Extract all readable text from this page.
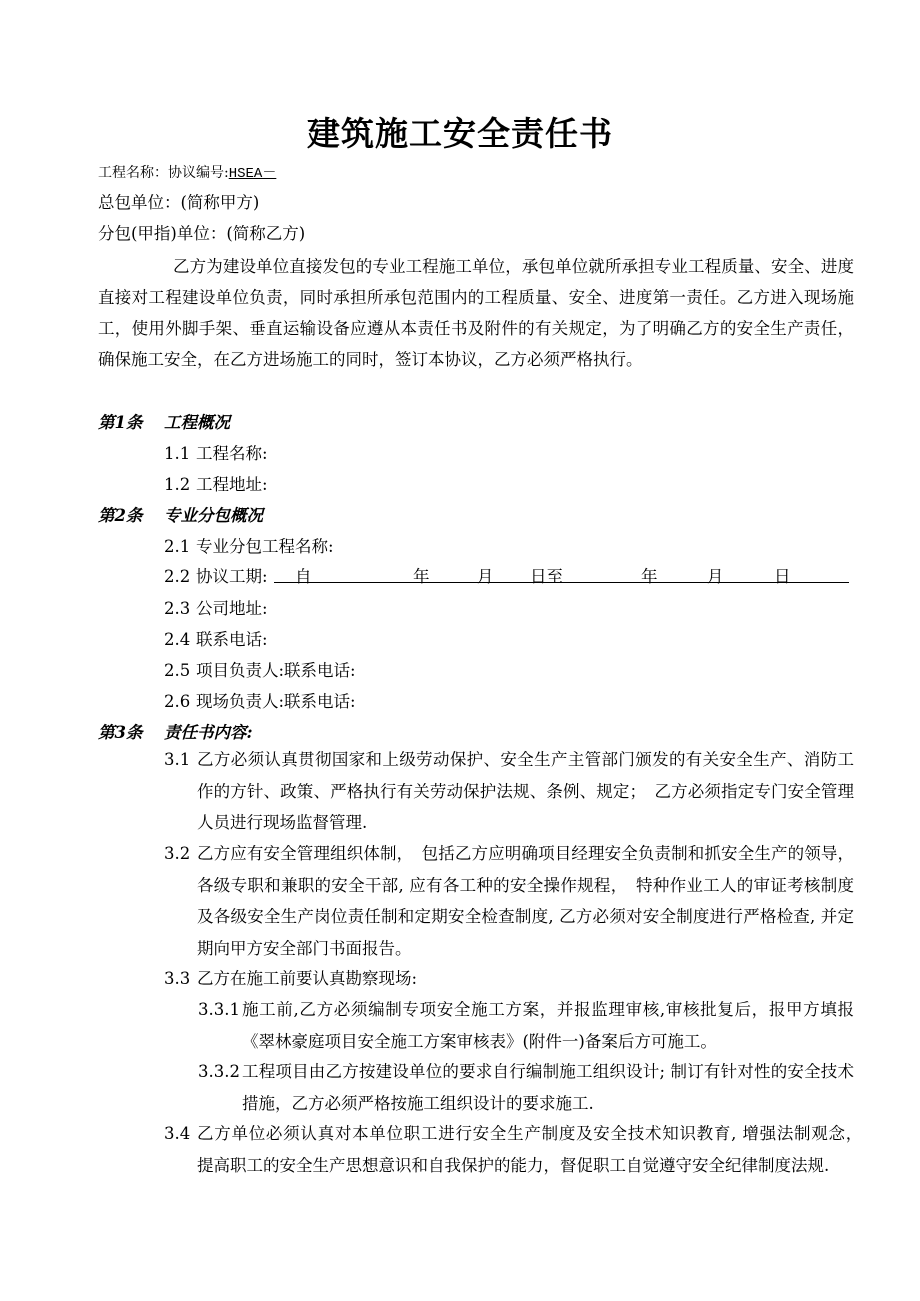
建筑施工安全责任书
工程名称：协议编号:HSEA－
总包单位：(简称甲方)
分包(甲指)单位：(简称乙方)
乙方为建设单位直接发包的专业工程施工单位，承包单位就所承担专业工程质量、安全、进度直接对工程建设单位负责，同时承担所承包范围内的工程质量、安全、进度第一责任。乙方进入现场施工，使用外脚手架、垂直运输设备应遵从本责任书及附件的有关规定，为了明确乙方的安全生产责任，确保施工安全，在乙方进场施工的同时，签订本协议，乙方必须严格执行。
第1条 工程概况
1.1 工程名称:
1.2 工程地址:
第2条 专业分包概况
2.1 专业分包工程名称:
2.2 协议工期: 自	年	月 日至	年	月	日
2.3 公司地址:
2.4 联系电话:
2.5 项目负责人:联系电话:
2.6 现场负责人:联系电话:
第3条 责任书内容:
3.1 乙方必须认真贯彻国家和上级劳动保护、安全生产主管部门颁发的有关安全生产、消防工作的方针、政策、严格执行有关劳动保护法规、条例、规定；　乙方必须指定专门安全管理人员进行现场监督管理.
3.2 乙方应有安全管理组织体制，　包括乙方应明确项目经理安全负责制和抓安全生产的领导，各级专职和兼职的安全干部, 应有各工种的安全操作规程，　特种作业工人的审证考核制度及各级安全生产岗位责任制和定期安全检查制度, 乙方必须对安全制度进行严格检查, 并定期向甲方安全部门书面报告。
3.3 乙方在施工前要认真勘察现场:
3.3.1 施工前,乙方必须编制专项安全施工方案，并报监理审核,审核批复后，报甲方填报《翠林豪庭项目安全施工方案审核表》(附件一)备案后方可施工。
3.3.2 工程项目由乙方按建设单位的要求自行编制施工组织设计; 制订有针对性的安全技术措施，乙方必须严格按施工组织设计的要求施工.
3.4 乙方单位必须认真对本单位职工进行安全生产制度及安全技术知识教育, 增强法制观念，　提高职工的安全生产思想意识和自我保护的能力，督促职工自觉遵守安全纪律制度法规.
